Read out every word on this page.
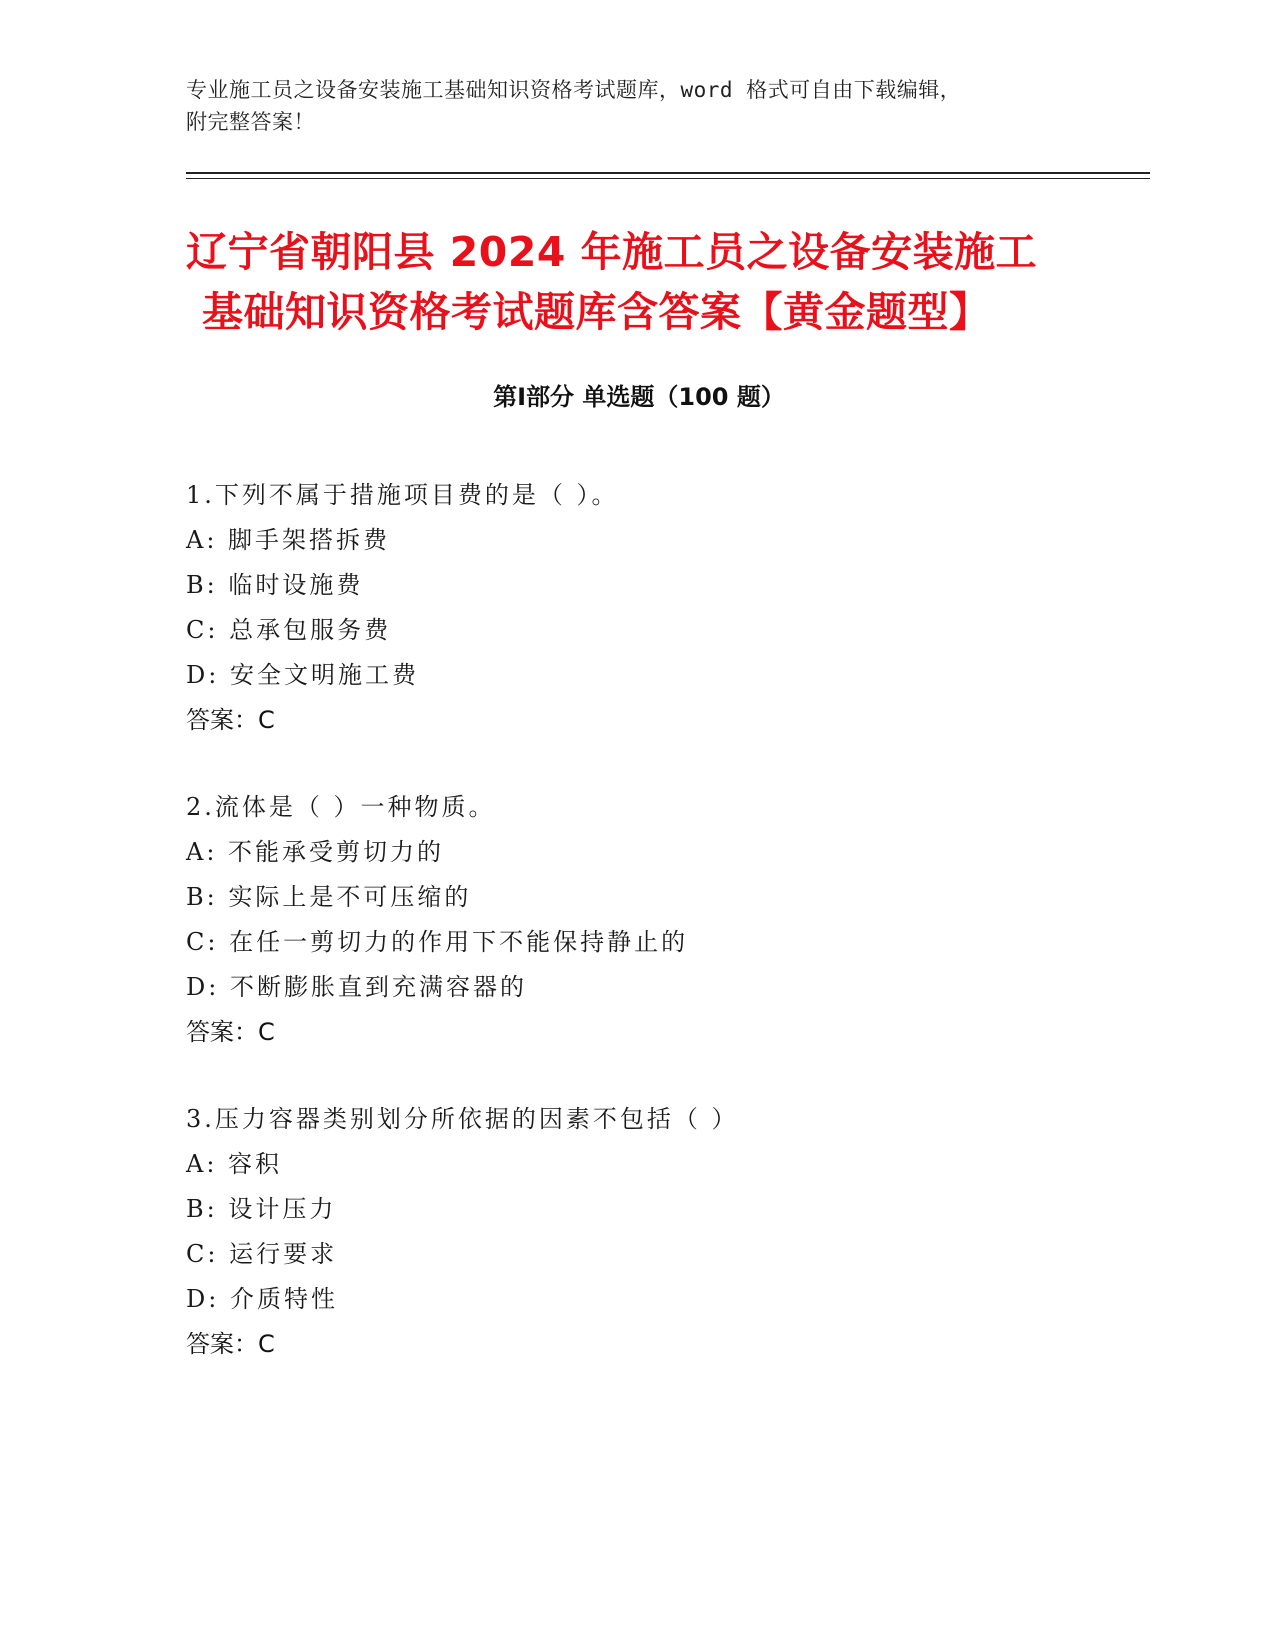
专业施工员之设备安装施工基础知识资格考试题库，word 格式可自由下载编辑，
附完整答案！
辽宁省朝阳县 2024 年施工员之设备安装施工
基础知识资格考试题库含答案【黄金题型】
第Ⅰ部分 单选题（100 题）
1.下列不属于措施项目费的是（ ）。
A: 脚手架搭拆费
B: 临时设施费
C: 总承包服务费
D: 安全文明施工费
答案：C
2.流体是（ ）一种物质。
A: 不能承受剪切力的
B: 实际上是不可压缩的
C: 在任一剪切力的作用下不能保持静止的
D: 不断膨胀直到充满容器的
答案：C
3.压力容器类别划分所依据的因素不包括（ ）
A: 容积
B: 设计压力
C: 运行要求
D: 介质特性
答案：C
